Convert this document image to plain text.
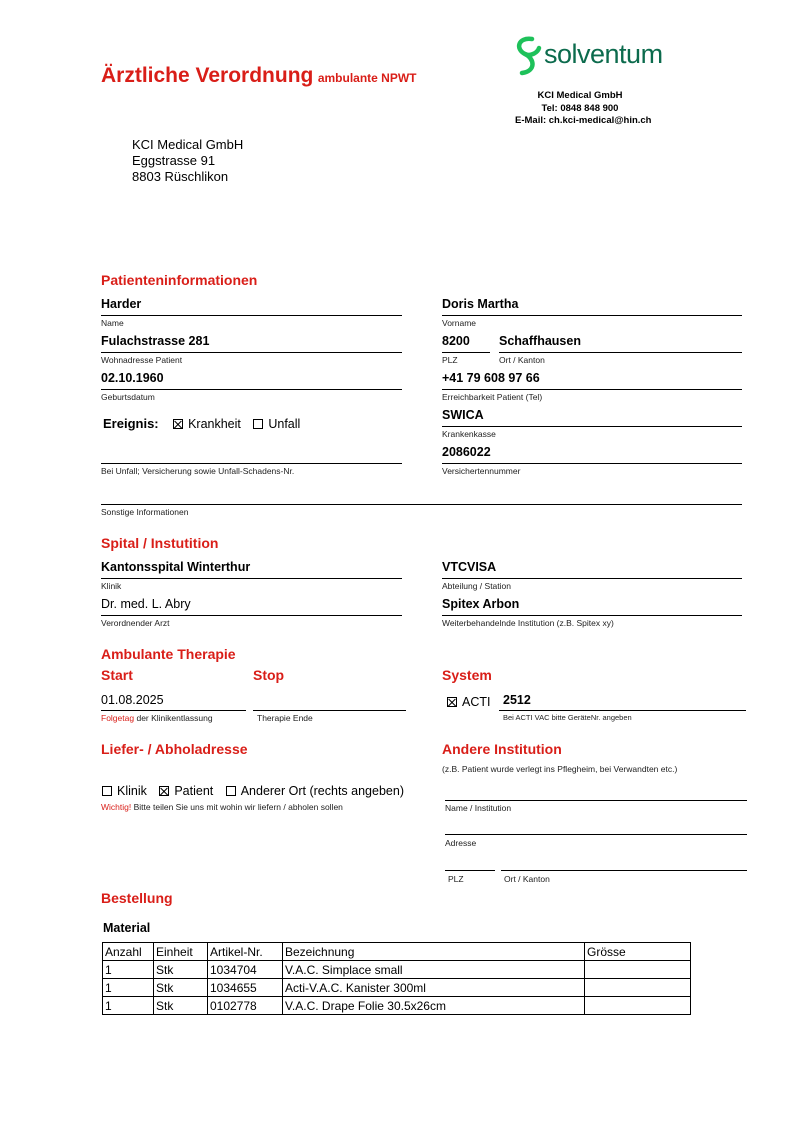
Ärztliche Verordnung ambulante NPWT
solventum
KCI Medical GmbH
Tel: 0848 848 900
E-Mail: ch.kci-medical@hin.ch
KCI Medical GmbH
Eggstrasse 91
8803 Rüschlikon
Patienteninformationen
Harder
Name
Doris Martha
Vorname
Fulachstrasse 281
Wohnadresse Patient
8200
PLZ
Schaffhausen
Ort / Kanton
02.10.1960
Geburtsdatum
+41 79 608 97 66
Erreichbarkeit Patient (Tel)
Ereignis: Krankheit Unfall
SWICA
Krankenkasse
Bei Unfall; Versicherung sowie Unfall-Schadens-Nr.
2086022
Versichertennummer
Sonstige Informationen
Spital / Instutition
Kantonsspital Winterthur
Klinik
VTCVISA
Abteilung / Station
Dr. med. L. Abry
Verordnender Arzt
Spitex Arbon
Weiterbehandelnde Institution (z.B. Spitex xy)
Ambulante Therapie
Start	Stop	System
01.08.2025
Folgetag der Klinikentlassung	Therapie Ende
ACTI 2512
Bei ACTI VAC bitte GeräteNr. angeben
Liefer- / Abholadresse
Klinik Patient Anderer Ort (rechts angeben)
Wichtig! Bitte teilen Sie uns mit wohin wir liefern / abholen sollen
Andere Institution
(z.B. Patient wurde verlegt ins Pflegheim, bei Verwandten etc.)
Name / Institution
Adresse
PLZ	Ort / Kanton
Bestellung
Material
Anzahl	Einheit	Artikel-Nr.	Bezeichnung	Grösse
1	Stk	1034704	V.A.C. Simplace small	
1	Stk	1034655	Acti-V.A.C. Kanister 300ml	
1	Stk	0102778	V.A.C. Drape Folie 30.5x26cm	
